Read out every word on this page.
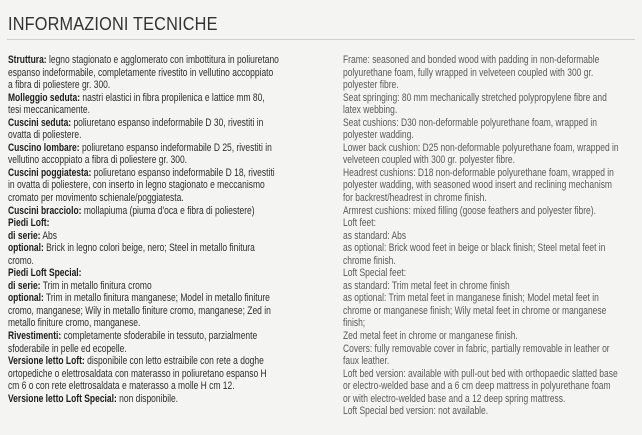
INFORMAZIONI TECNICHE

Struttura: legno stagionato e agglomerato con imbottitura in poliuretano espanso indeformabile, completamente rivestito in vellutino accoppiato a fibra di poliestere gr. 300.

Molleggio seduta: nastri elastici in fibra propilenica e lattice mm 80, tesi meccanicamente.

Cuscini seduta: poliuretano espanso indeformabile D 30, rivestiti in ovatta di poliestere.

Cuscino lombare: poliuretano espanso indeformabile D 25, rivestiti in vellutino accoppiato a fibra di poliestere gr. 300.

Cuscini poggiatesta: poliuretano espanso indeformabile D 18, rivestiti in ovatta di poliestere, con inserto in legno stagionato e meccanismo cromato per movimento schienale/poggiatesta.

Cuscini bracciolo: mollapiuma (piuma d'oca e fibra di poliestere)

Piedi Loft:

di serie: Abs

optional: Brick in legno colori beige, nero; Steel in metallo finitura cromo.

Piedi Loft Special:

di serie: Trim in metallo finitura cromo

optional: Trim in metallo finitura manganese; Model in metallo finiture cromo, manganese; Wily in metallo finiture cromo, manganese; Zed in metallo finiture cromo, manganese.

Rivestimenti: completamente sfoderabile in tessuto, parzialmente sfoderabile in pelle ed ecopelle.

Versione letto Loft: disponibile con letto estraibile con rete a doghe ortopediche o elettrosaldata con materasso in poliuretano espanso H cm 6 o con rete elettrosaldata e materasso a molle H cm 12.

Versione letto Loft Special: non disponibile.

Frame: seasoned and bonded wood with padding in non-deformable polyurethane foam, fully wrapped in velveteen coupled with 300 gr. polyester fibre.

Seat springing: 80 mm mechanically stretched polypropylene fibre and latex webbing.

Seat cushions: D30 non-deformable polyurethane foam, wrapped in polyester wadding.

Lower back cushion: D25 non-deformable polyurethane foam, wrapped in velveteen coupled with 300 gr. polyester fibre.

Headrest cushions: D18 non-deformable polyurethane foam, wrapped in polyester wadding, with seasoned wood insert and reclining mechanism for backrest/headrest in chrome finish.

Armrest cushions: mixed filling (goose feathers and polyester fibre).

Loft feet:

as standard: Abs

as optional: Brick wood feet in beige or black finish; Steel metal feet in chrome finish.

Loft Special feet:

as standard: Trim metal feet in chrome finish

as optional: Trim metal feet in manganese finish; Model metal feet in chrome or manganese finish; Wily metal feet in chrome or manganese finish;

Zed metal feet in chrome or manganese finish.

Covers: fully removable cover in fabric, partially removable in leather or faux leather.

Loft bed version: available with pull-out bed with orthopaedic slatted base or electro-welded base and a 6 cm deep mattress in polyurethane foam or with electro-welded base and a 12 deep spring mattress.

Loft Special bed version: not available.
